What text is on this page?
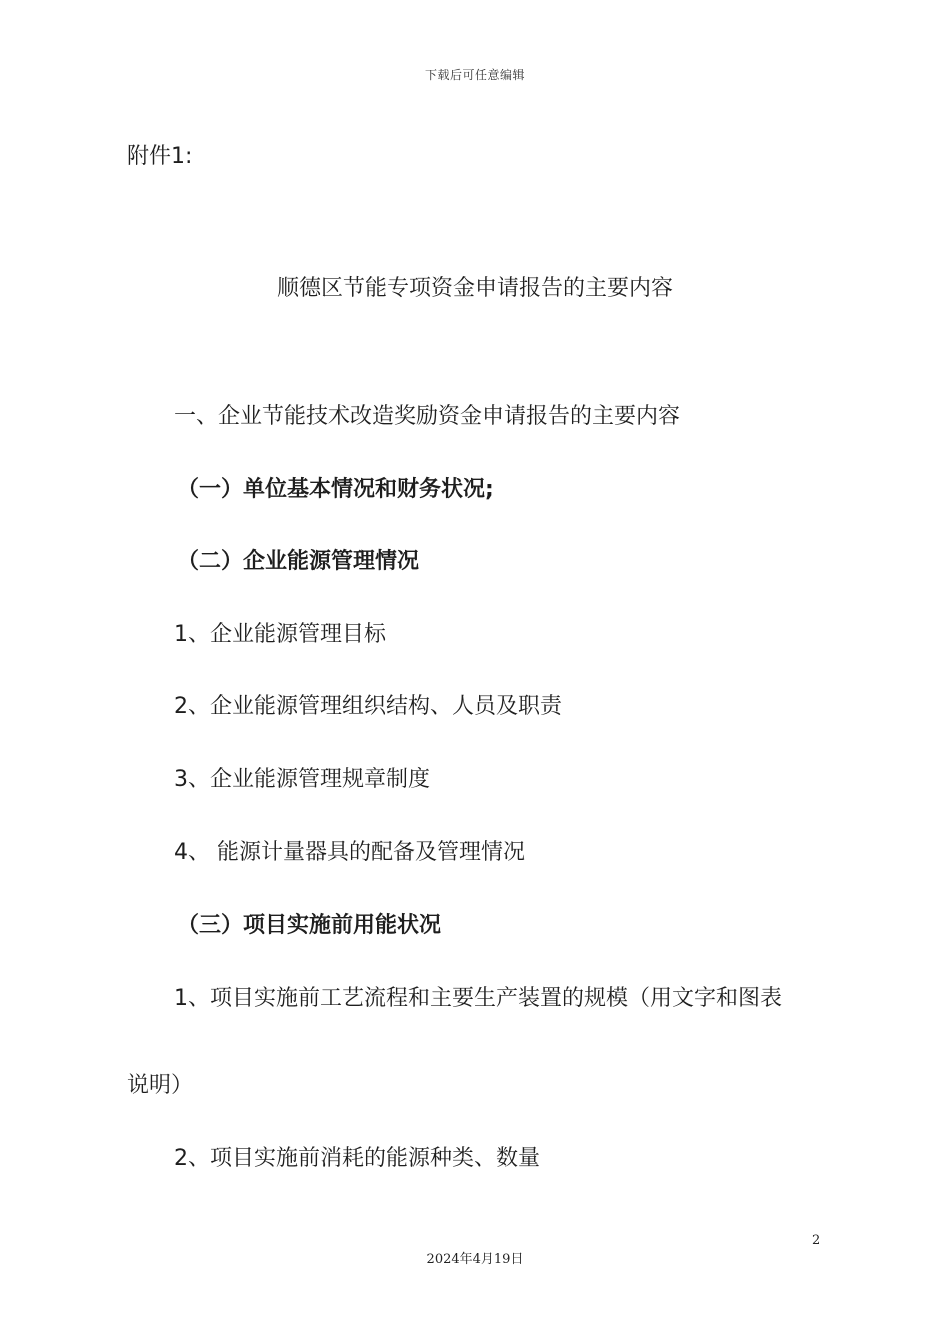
下载后可任意编辑
附件1:
顺德区节能专项资金申请报告的主要内容
一、企业节能技术改造奖励资金申请报告的主要内容
（一）单位基本情况和财务状况;
（二）企业能源管理情况
1、企业能源管理目标
2、企业能源管理组织结构、人员及职责
3、企业能源管理规章制度
4、 能源计量器具的配备及管理情况
（三）项目实施前用能状况
1、项目实施前工艺流程和主要生产装置的规模（用文字和图表
说明）
2、项目实施前消耗的能源种类、数量
2
2024年4月19日
